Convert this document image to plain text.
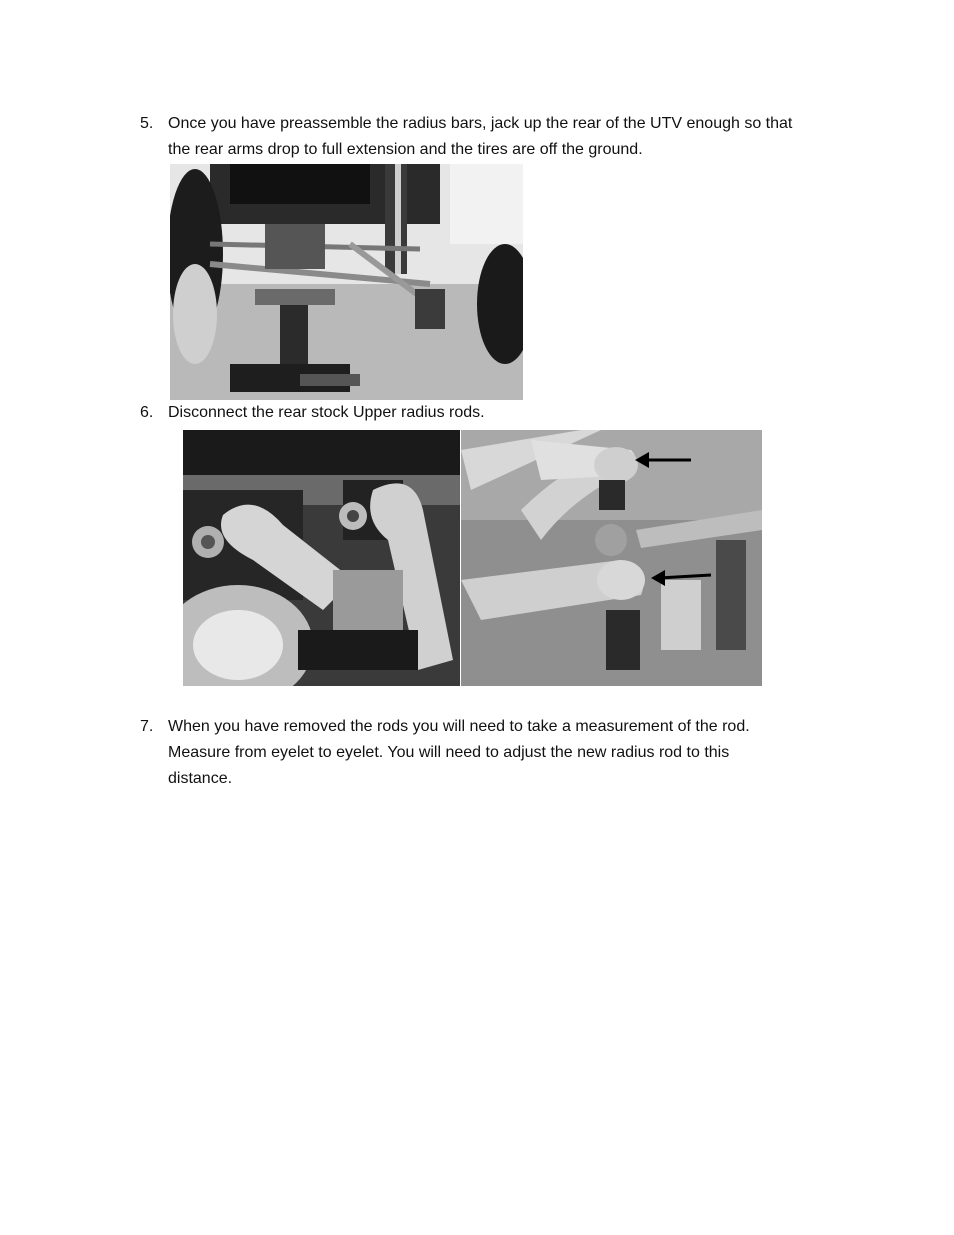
5. Once you have preassemble the radius bars, jack up the rear of the UTV enough so that
the rear arms drop to full extension and the tires are off the ground.
6. Disconnect the rear stock Upper radius rods.
7. When you have removed the rods you will need to take a measurement of the rod.
Measure from eyelet to eyelet. You will need to adjust the new radius rod to this
distance.
